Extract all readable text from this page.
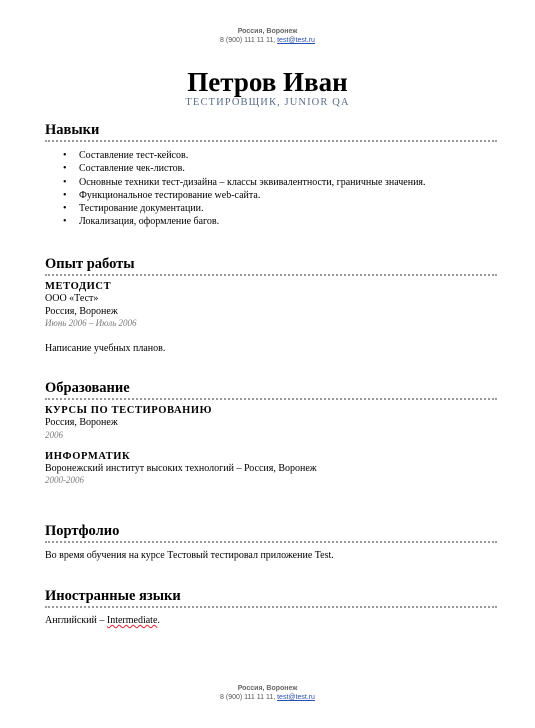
Россия, Воронеж
8 (900) 111 11 11, test@test.ru
Петров Иван
ТЕСТИРОВЩИК, JUNIOR QA
Навыки
• Составление тест-кейсов.
• Составление чек-листов.
• Основные техники тест-дизайна – классы эквивалентности, граничные значения.
• Функциональное тестирование web-сайта.
• Тестирование документации.
• Локализация, оформление багов.
Опыт работы
МЕТОДИСТ
ООО «Тест»
Россия, Воронеж
Июнь 2006 – Июль 2006
Написание учебных планов.
Образование
КУРСЫ ПО ТЕСТИРОВАНИЮ
Россия, Воронеж
2006
ИНФОРМАТИК
Воронежский институт высоких технологий – Россия, Воронеж
2000-2006
Портфолио
Во время обучения на курсе Тестовый тестировал приложение Test.
Иностранные языки
Английский – Intermediate.
Россия, Воронеж
8 (900) 111 11 11, test@test.ru
